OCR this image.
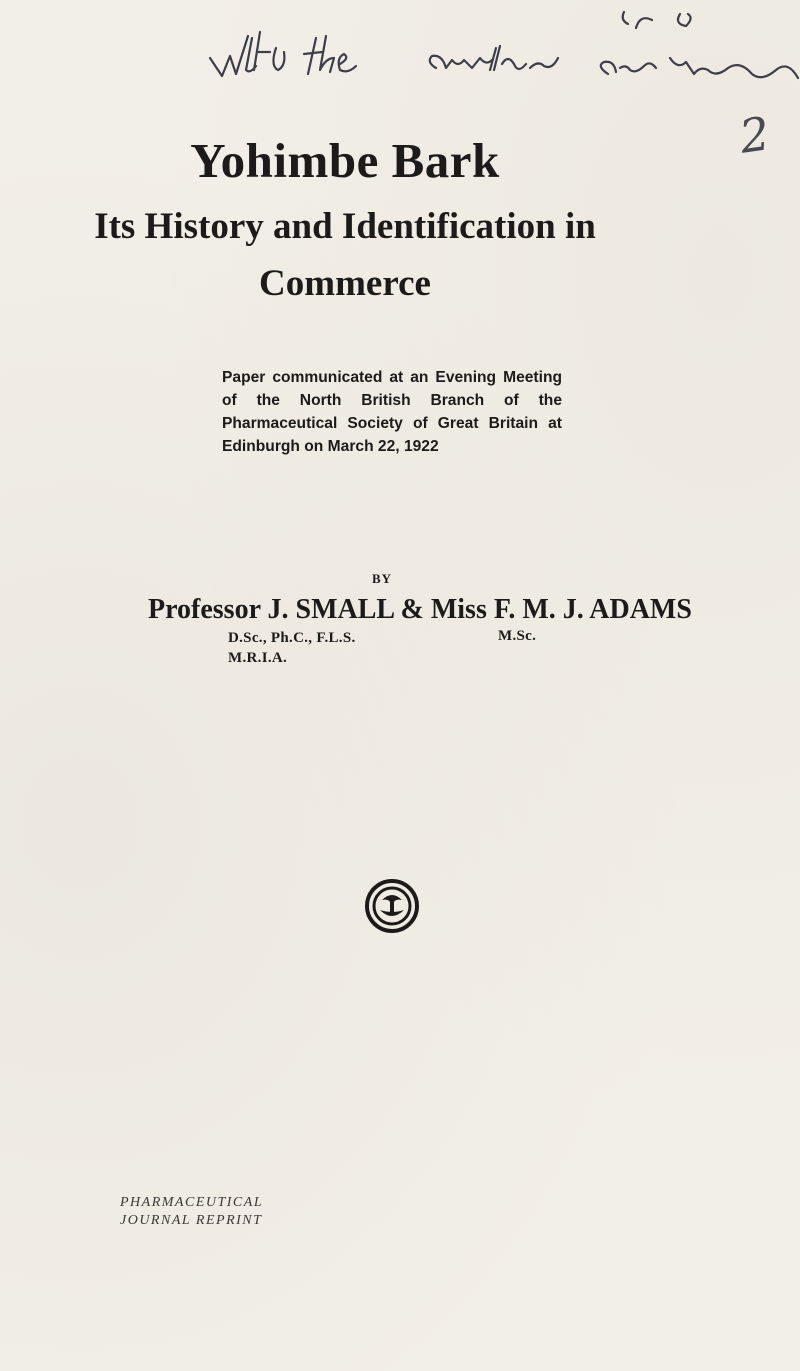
2
Yohimbe Bark
Its History and Identification in
Commerce

Paper communicated at an Evening Meeting of the North British Branch of the Pharmaceutical Society of Great Britain at Edinburgh on March 22, 1922

BY
Professor J. SMALL & Miss F. M. J. ADAMS
D.Sc., Ph.C., F.L.S.
M.R.I.A.
M.Sc.
PHARMACEUTICAL
JOURNAL REPRINT
